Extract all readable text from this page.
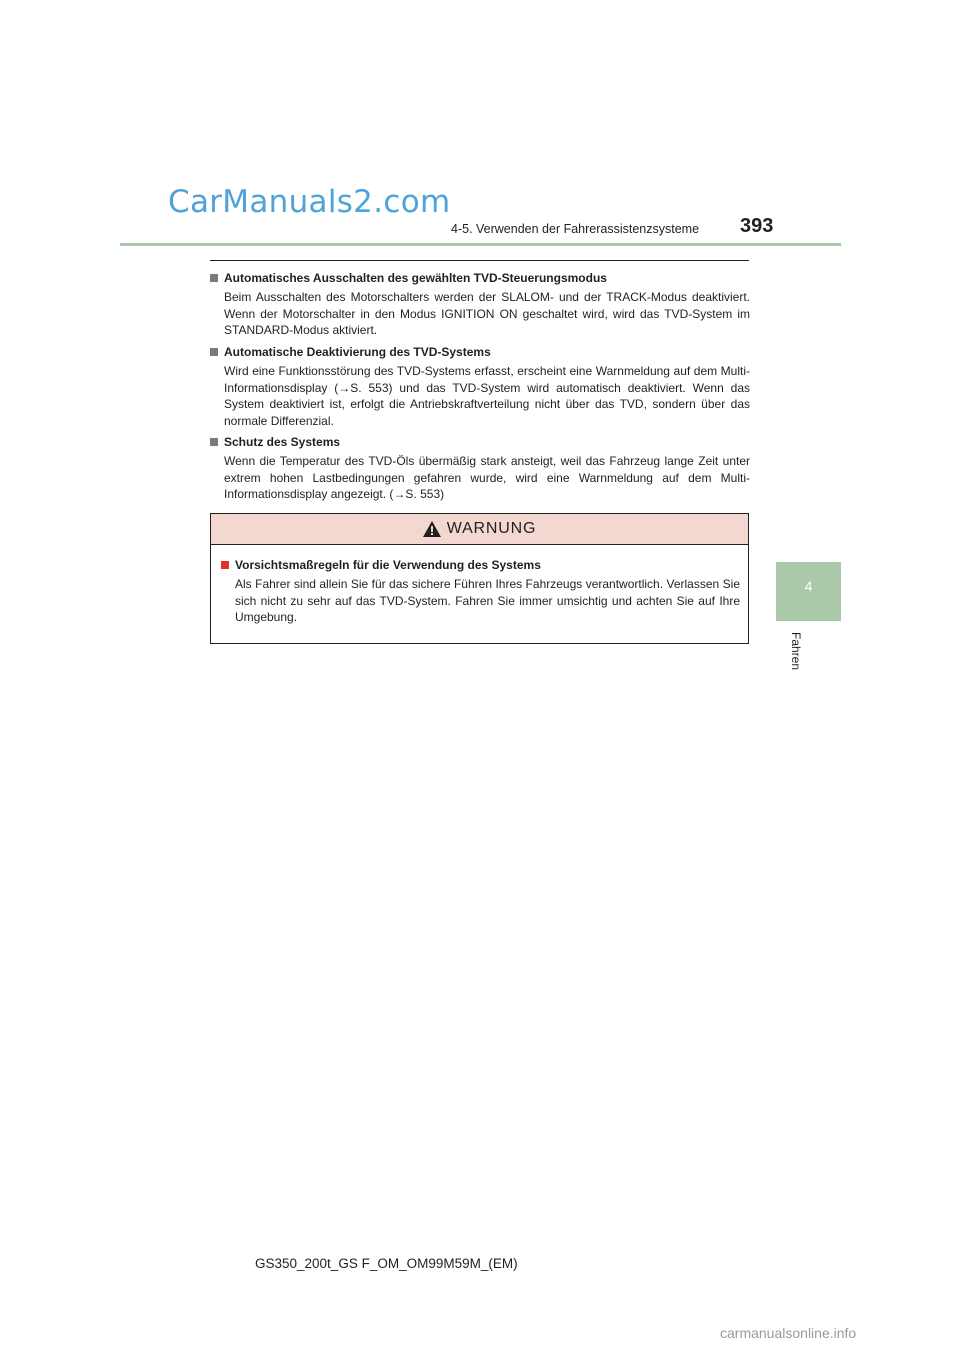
CarManuals2.com
4-5. Verwenden der Fahrerassistenzsysteme 393
4
Fahren
Automatisches Ausschalten des gewählten TVD-Steuerungsmodus
Beim Ausschalten des Motorschalters werden der SLALOM- und der TRACK-Modus deaktiviert. Wenn der Motorschalter in den Modus IGNITION ON geschaltet wird, wird das TVD-System im STANDARD-Modus aktiviert.
Automatische Deaktivierung des TVD-Systems
Wird eine Funktionsstörung des TVD-Systems erfasst, erscheint eine Warnmeldung auf dem Multi-Informationsdisplay (→S. 553) und das TVD-System wird automatisch deaktiviert. Wenn das System deaktiviert ist, erfolgt die Antriebskraftverteilung nicht über das TVD, sondern über das normale Differenzial.
Schutz des Systems
Wenn die Temperatur des TVD-Öls übermäßig stark ansteigt, weil das Fahrzeug lange Zeit unter extrem hohen Lastbedingungen gefahren wurde, wird eine Warnmeldung auf dem Multi-Informationsdisplay angezeigt. (→S. 553)
WARNUNG
Vorsichtsmaßregeln für die Verwendung des Systems
Als Fahrer sind allein Sie für das sichere Führen Ihres Fahrzeugs verantwortlich. Verlassen Sie sich nicht zu sehr auf das TVD-System. Fahren Sie immer umsichtig und achten Sie auf Ihre Umgebung.
GS350_200t_GS F_OM_OM99M59M_(EM)
carmanualsonline.info
